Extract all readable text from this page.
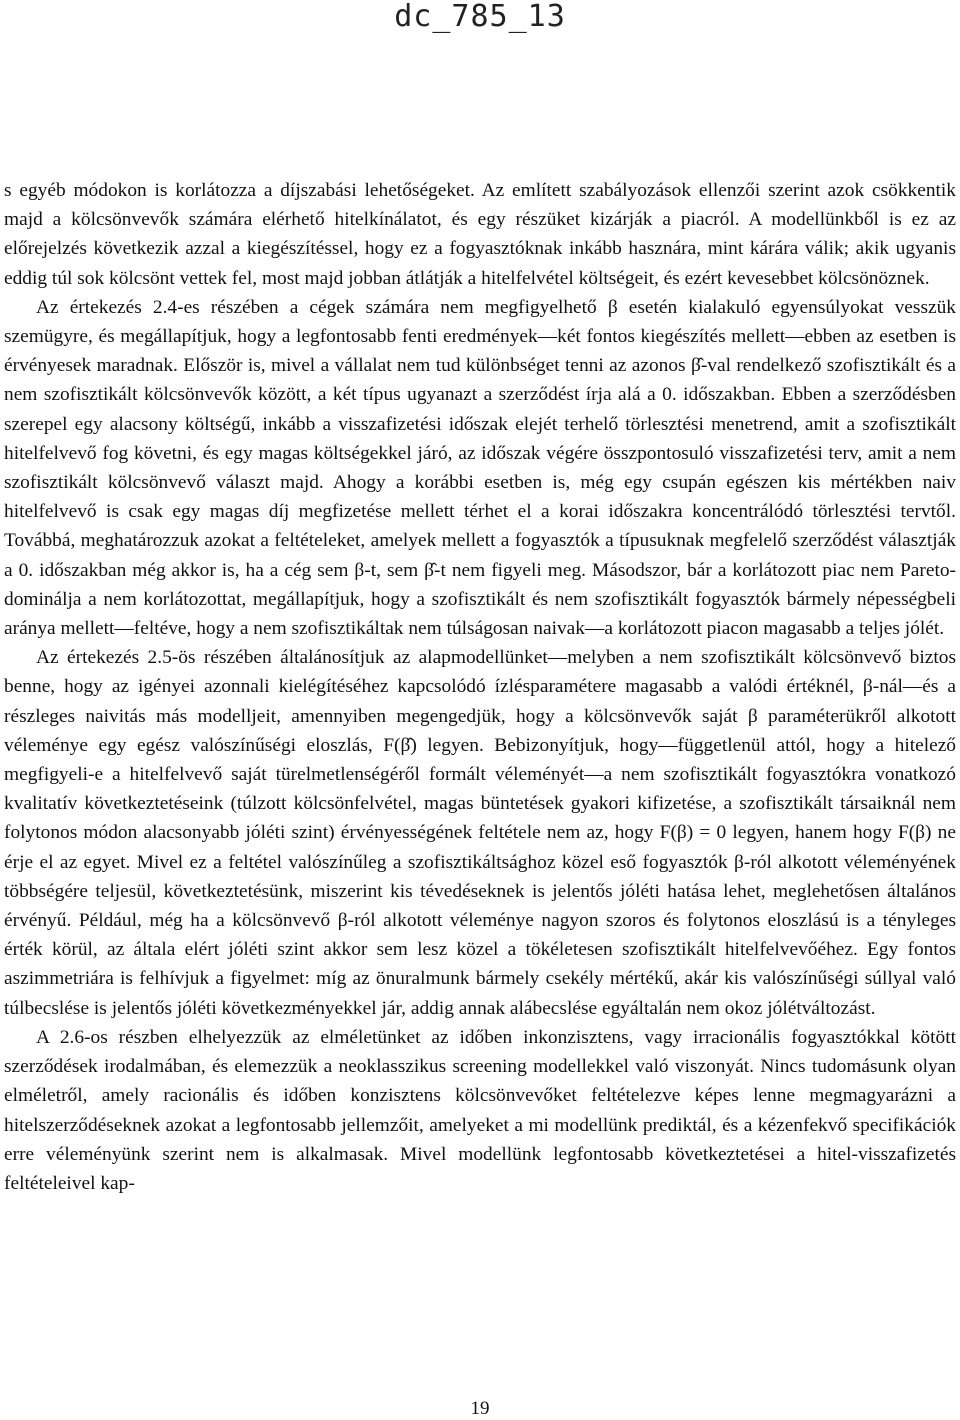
dc_785_13

s egyéb módokon is korlátozza a díjszabási lehetőségeket. Az említett szabályozások ellenzői szerint azok csökkentik majd a kölcsönvevők számára elérhető hitelkínálatot, és egy részüket kizárják a piacról. A modellünkből is ez az előrejelzés következik azzal a kiegészítéssel, hogy ez a fogyasztóknak inkább hasznára, mint kárára válik; akik ugyanis eddig túl sok kölcsönt vettek fel, most majd jobban átlátják a hitelfelvétel költségeit, és ezért kevesebbet kölcsönöznek.

Az értekezés 2.4-es részében a cégek számára nem megfigyelhető β esetén kialakuló egyensúlyokat vesszük szemügyre, és megállapítjuk, hogy a legfontosabb fenti eredmények—két fontos kiegészítés mellett—ebben az esetben is érvényesek maradnak. Először is, mivel a vállalat nem tud különbséget tenni az azonos β̂-val rendelkező szofisztikált és a nem szofisztikált kölcsönvevők között, a két típus ugyanazt a szerződést írja alá a 0. időszakban. Ebben a szerződésben szerepel egy alacsony költségű, inkább a visszafizetési időszak elejét terhelő törlesztési menetrend, amit a szofisztikált hitelfelvevő fog követni, és egy magas költségekkel járó, az időszak végére összpontosuló visszafizetési terv, amit a nem szofisztikált kölcsönvevő választ majd. Ahogy a korábbi esetben is, még egy csupán egészen kis mértékben naiv hitelfelvevő is csak egy magas díj megfizetése mellett térhet el a korai időszakra koncentrálódó törlesztési tervtől. Továbbá, meghatározzuk azokat a feltételeket, amelyek mellett a fogyasztók a típusuknak megfelelő szerződést választják a 0. időszakban még akkor is, ha a cég sem β-t, sem β̂-t nem figyeli meg. Másodszor, bár a korlátozott piac nem Pareto-dominálja a nem korlátozottat, megállapítjuk, hogy a szofisztikált és nem szofisztikált fogyasztók bármely népességbeli aránya mellett—feltéve, hogy a nem szofisztikáltak nem túlságosan naivak—a korlátozott piacon magasabb a teljes jólét.

Az értekezés 2.5-ös részében általánosítjuk az alapmodellünket—melyben a nem szofisztikált kölcsönvevő biztos benne, hogy az igényei azonnali kielégítéséhez kapcsolódó ízlésparamétere magasabb a valódi értéknél, β-nál—és a részleges naivitás más modelljeit, amennyiben megengedjük, hogy a kölcsönvevők saját β paraméterükről alkotott véleménye egy egész valószínűségi eloszlás, F(β̂) legyen. Bebizonyítjuk, hogy—függetlenül attól, hogy a hitelező megfigyeli-e a hitelfelvevő saját türelmetlenségéről formált véleményét—a nem szofisztikált fogyasztókra vonatkozó kvalitatív következtetéseink (túlzott kölcsönfelvétel, magas büntetések gyakori kifizetése, a szofisztikált társaiknál nem folytonos módon alacsonyabb jóléti szint) érvényességének feltétele nem az, hogy F(β) = 0 legyen, hanem hogy F(β) ne érje el az egyet. Mivel ez a feltétel valószínűleg a szofisztikáltsághoz közel eső fogyasztók β-ról alkotott véleményének többségére teljesül, következtetésünk, miszerint kis tévedéseknek is jelentős jóléti hatása lehet, meglehetősen általános érvényű. Például, még ha a kölcsönvevő β-ról alkotott véleménye nagyon szoros és folytonos eloszlású is a tényleges érték körül, az általa elért jóléti szint akkor sem lesz közel a tökéletesen szofisztikált hitelfelvevőéhez. Egy fontos aszimmetriára is felhívjuk a figyelmet: míg az önuralmunk bármely csekély mértékű, akár kis valószínűségi súllyal való túlbecslése is jelentős jóléti következményekkel jár, addig annak alábecslése egyáltalán nem okoz jólétváltozást.

A 2.6-os részben elhelyezzük az elméletünket az időben inkonzisztens, vagy irracionális fogyasztókkal kötött szerződések irodalmában, és elemezzük a neoklasszikus screening modellekkel való viszonyát. Nincs tudomásunk olyan elméletről, amely racionális és időben konzisztens kölcsönvevőket feltételezve képes lenne megmagyarázni a hitelszerződéseknek azokat a legfontosabb jellemzőit, amelyeket a mi modellünk prediktál, és a kézenfekvő specifikációk erre véleményünk szerint nem is alkalmasak. Mivel modellünk legfontosabb következtetései a hitel-visszafizetés feltételeivel kap-

19
